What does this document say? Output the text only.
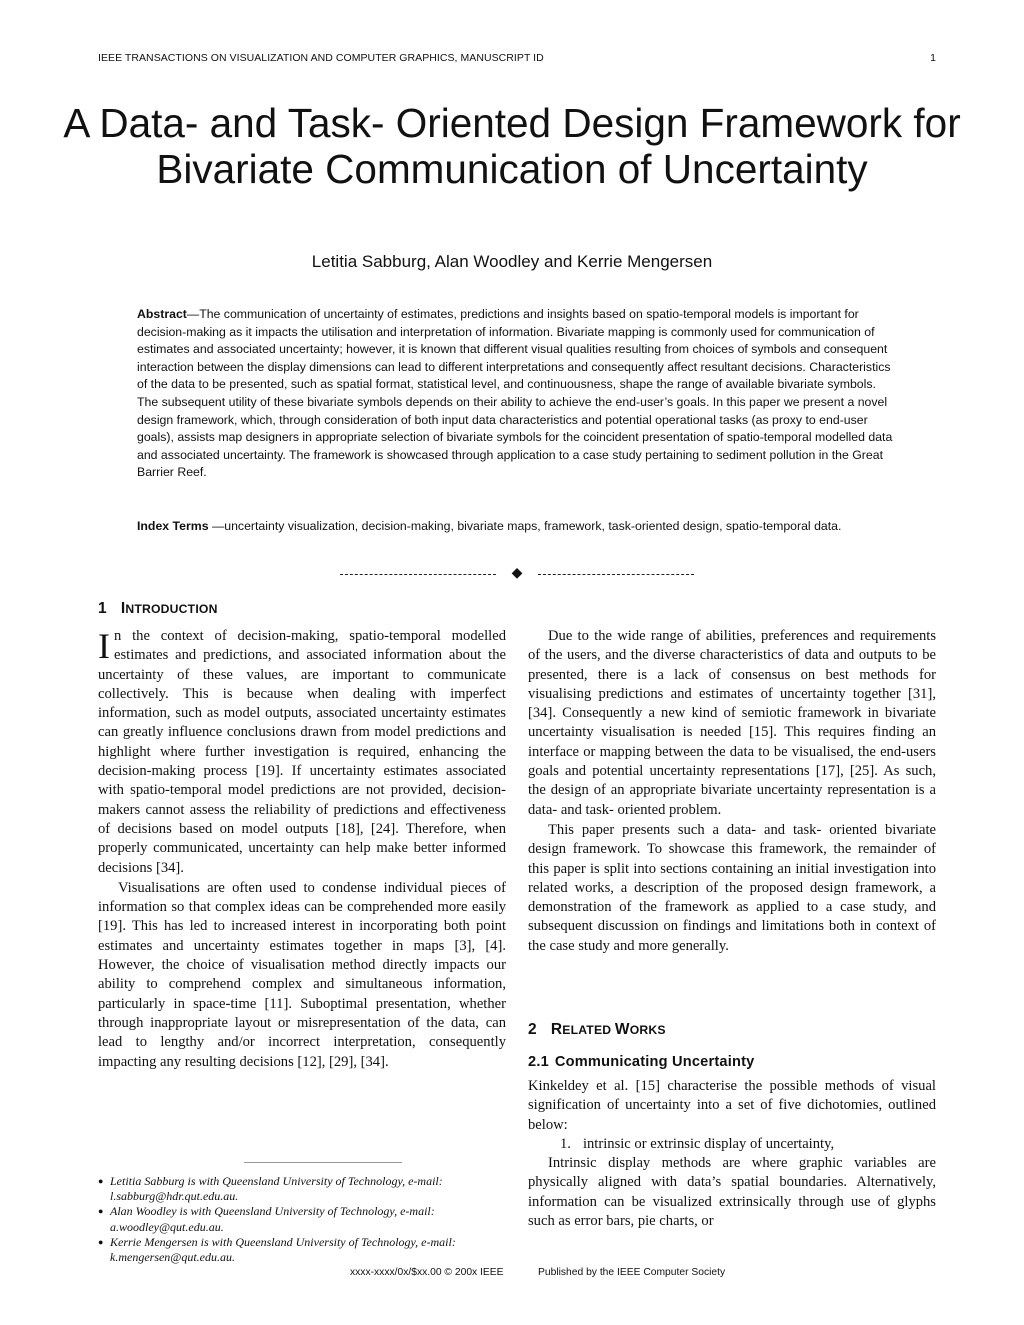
IEEE TRANSACTIONS ON VISUALIZATION AND COMPUTER GRAPHICS, MANUSCRIPT ID	1
A Data- and Task- Oriented Design Framework for Bivariate Communication of Uncertainty
Letitia Sabburg, Alan Woodley and Kerrie Mengersen

Abstract—The communication of uncertainty of estimates, predictions and insights based on spatio-temporal models is important for decision-making as it impacts the utilisation and interpretation of information. Bivariate mapping is commonly used for communication of estimates and associated uncertainty; however, it is known that different visual qualities resulting from choices of symbols and consequent interaction between the display dimensions can lead to different interpretations and consequently affect resultant decisions. Characteristics of the data to be presented, such as spatial format, statistical level, and continuousness, shape the range of available bivariate symbols. The subsequent utility of these bivariate symbols depends on their ability to achieve the end-user’s goals. In this paper we present a novel design framework, which, through consideration of both input data characteristics and potential operational tasks (as proxy to end-user goals), assists map designers in appropriate selection of bivariate symbols for the coincident presentation of spatio-temporal modelled data and associated uncertainty. The framework is showcased through application to a case study pertaining to sediment pollution in the Great Barrier Reef.

Index Terms —uncertainty visualization, decision-making, bivariate maps, framework, task-oriented design, spatio-temporal data.

◆
1 INTRODUCTION

In the context of decision-making, spatio-temporal modelled estimates and predictions, and associated information about the uncertainty of these values, are important to communicate collectively. This is because when dealing with imperfect information, such as model outputs, associated uncertainty estimates can greatly influence conclusions drawn from model predictions and highlight where further investigation is required, enhancing the decision-making process [19]. If uncertainty estimates associated with spatio-temporal model predictions are not provided, decision-makers cannot assess the reliability of predictions and effectiveness of decisions based on model outputs [18], [24]. Therefore, when properly communicated, uncertainty can help make better informed decisions [34].

Visualisations are often used to condense individual pieces of information so that complex ideas can be comprehended more easily [19]. This has led to increased interest in incorporating both point estimates and uncertainty estimates together in maps [3], [4]. However, the choice of visualisation method directly impacts our ability to comprehend complex and simultaneous information, particularly in space-time [11]. Suboptimal presentation, whether through inappropriate layout or misrepresentation of the data, can lead to lengthy and/or incorrect interpretation, consequently impacting any resulting decisions [12], [29], [34].

Due to the wide range of abilities, preferences and requirements of the users, and the diverse characteristics of data and outputs to be presented, there is a lack of consensus on best methods for visualising predictions and estimates of uncertainty together [31], [34]. Consequently a new kind of semiotic framework in bivariate uncertainty visualisation is needed [15]. This requires finding an interface or mapping between the data to be visualised, the end-users goals and potential uncertainty representations [17], [25]. As such, the design of an appropriate bivariate uncertainty representation is a data- and task- oriented problem.

This paper presents such a data- and task- oriented bivariate design framework. To showcase this framework, the remainder of this paper is split into sections containing an initial investigation into related works, a description of the proposed design framework, a demonstration of the framework as applied to a case study, and subsequent discussion on findings and limitations both in context of the case study and more generally.

2 RELATED WORKS
2.1 Communicating Uncertainty

Kinkeldey et al. [15] characterise the possible methods of visual signification of uncertainty into a set of five dichotomies, outlined below:

1. intrinsic or extrinsic display of uncertainty,

Intrinsic display methods are where graphic variables are physically aligned with data’s spatial boundaries. Alternatively, information can be visualized extrinsically through use of glyphs such as error bars, pie charts, or

● Letitia Sabburg is with Queensland University of Technology, e-mail: l.sabburg@hdr.qut.edu.au.
● Alan Woodley is with Queensland University of Technology, e-mail: a.woodley@qut.edu.au.
● Kerrie Mengersen is with Queensland University of Technology, e-mail: k.mengersen@qut.edu.au.
xxxx-xxxx/0x/$xx.00 © 200x IEEE	Published by the IEEE Computer Society
